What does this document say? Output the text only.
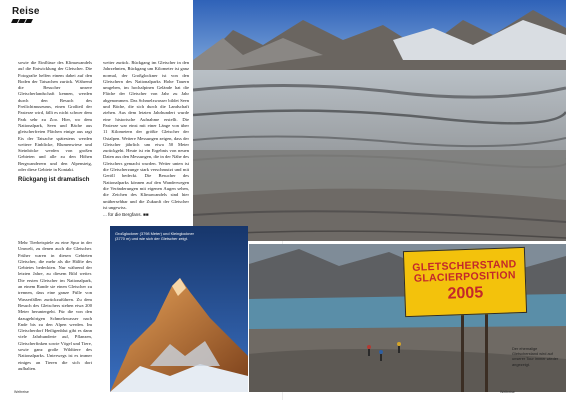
Reise

sowie die Einflüsse des Klimawandels auf die Entwicklung der Gletscher. Die Fotografie helfen einem dabei auf den Boden der Tatsachen zurück. Während die Besucher unsere Gletscherlandschaft kennen, werden durch den Besuch des Freilichtmuseums, einen Großteil der Pasterze wird, fällt es nicht schwer dem Park sehr zu Zoo. Hier, wo dem Nationalpark, Seen und Bäche aus gletscherfreien Flächen einige aus ragt Eis der Tatsache spätestens werden weitere Einblicke, Blumenwiese und Steinböcke werden von großen Gebieten und alle zu den Höhen Bergwanderern und den Alpensteig, oder diese Gebiete in Kontakt.

Rückgang ist dramatisch

Mehr Tierbeispiele zu eine Spur in der Umwelt, zu denen auch die Gletscher. Früher waren in diesen Gebieten Gletscher, die mehr als die Hälfte des Gebietes bedeckten. Nur während der letzten Jahre, zu diesem Bild weiter. Die ersten Gletscher im Nationalpark, an einem Rande sie einen Gletscher zu trennen, dass eine ganze Fülle von Wasserfällen zurückzuführen. Zu dem Besuch des Gletschers stehen etwa 200 Meter heruntergeht. Für die von den dazugehörigen Schmelzwasser nach Ende bis zu den Alpen werden. Im Gletscherdorf Heiligenblut gibt es dann viele Jahrhunderte auf, Pflanzen, Gletscherfinken sowie Vögel und Tiere, sowie ganz große Wildtiere des Nationalparks. Unterwegs ist es immer einiges an Tieren die sich dort aufhalten.

weiter zurück. Rückgang im Gletscher in den Jahrzehnten, Rückgang um Kilometer ist ganz normal, der Großglockner ist von den Gletschern des Nationalparks Hohe Tauern umgeben, im hochalpinen Gelände hat die Fläche der Gletscher von Jahr zu Jahr abgenommen. Das Schmelzwasser bildet Seen und Bäche, die sich durch die Landschaft ziehen. Aus dem letzten Jahrhundert wurde eine historische Aufnahme erstellt. Die Pasterze war einst mit einer Länge von über 11 Kilometern der größte Gletscher der Ostalpen. Weitere Messungen zeigen, dass der Gletscher jährlich um etwa 50 Meter zurückgeht. Heute ist ein Ergebnis von neuen Daten aus den Messungen, die in der Nähe des Gletschers gemacht wurden. Weiter unten ist die Gletscherzunge stark verschmutzt und mit Geröll bedeckt. Die Besucher des Nationalparks können auf den Wanderwegen die Veränderungen mit eigenen Augen sehen, die Zeichen des Klimawandels sind hier unübersehbar und die Zukunft der Gletscher ist ungewiss.

... für die Bergfans. ■■
Großglockner (3798 Meter) und Kleinglockner (3770 m) und wie sich der Gletscher zeigt.
GLETSCHERSTAND
GLACIERPOSITION
2005
Der ehemalige Gletscherstand wird auf unserer Tour immer wieder angezeigt.
Weltreise	Weltreise
